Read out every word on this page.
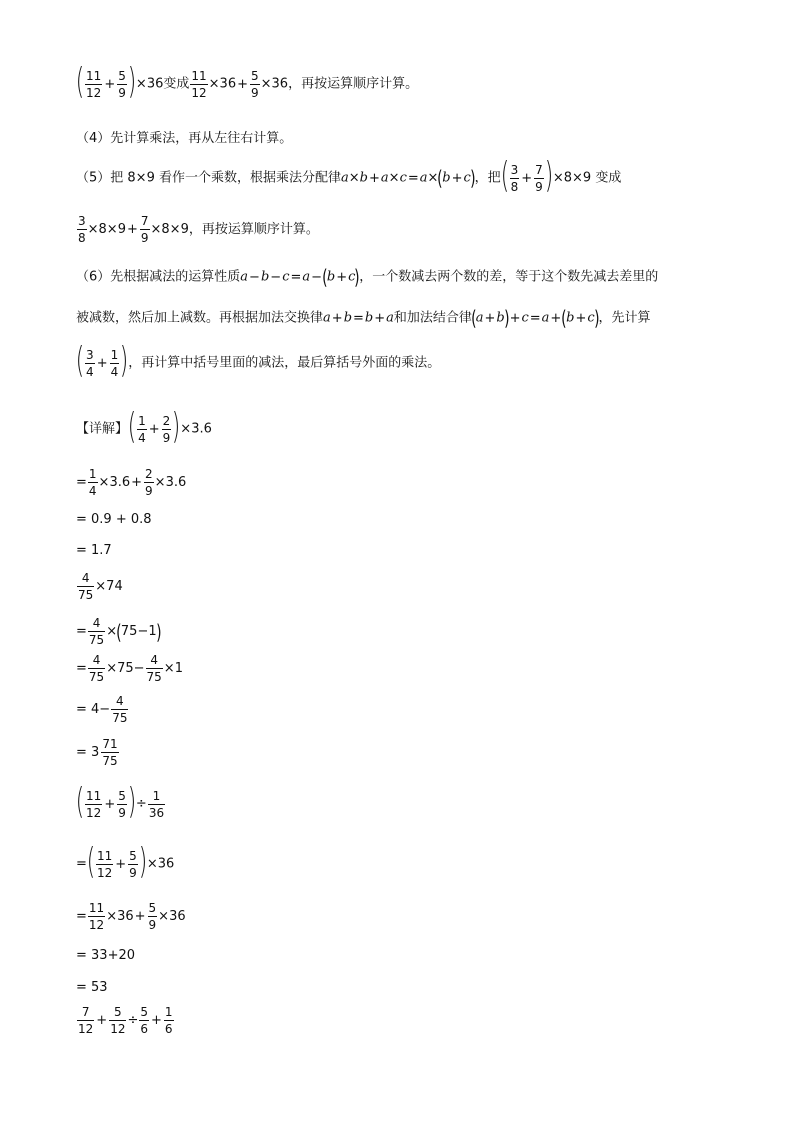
( $\frac{11}{12} + \frac{5}{9} )\times 36$变成 $\frac{11}{12} \times 36+ \frac{5}{9} \times 36$，再按运算顺序计算。
（4）先计算乘法，再从左往右计算。
（5）把 8×9 看作一个乘数，根据乘法分配律a×b+a×c=a×(b+c)，把( $\frac{3}{8} + \frac{7}{9} )\times 8\times 9$ 变成
$\frac{3}{8} \times 8\times 9+ \frac{7}{9} \times 8\times 9$，再按运算顺序计算。
（6）先根据减法的运算性质a−b−c=a−(b+c)，一个数减去两个数的差，等于这个数先减去差里的
被减数，然后加上减数。再根据加法交换律a+b=b+a和加法结合律(a+b)+c=a+(b+c)，先计算
( $\frac{3}{4} + \frac{1}{4}$ )，再计算中括号里面的减法，最后算括号外面的乘法。
【详解】( $\frac{1}{4} + \frac{2}{9} )\times 3.6$
= $\frac{1}{4} \times 3.6+ \frac{2}{9} \times 3.6$
= 0.9 + 0.8
= 1.7
$\frac{4}{75} \times 74$
= $\frac{4}{75} \times(75-1)$
= $\frac{4}{75} \times 75- \frac{4}{75} \times 1$
= $4- \frac{4}{75}$
= $3 \frac{71}{75}$
( $\frac{11}{12} + \frac{5}{9}$ )÷ $\frac{1}{36}$
=( $\frac{11}{12} + \frac{5}{9} )\times 36$
= $\frac{11}{12} \times 36+ \frac{5}{9} \times 36$
= 33+20
= 53
$\frac{7}{12} + \frac{5}{12} \div \frac{5}{6} + \frac{1}{6}$
